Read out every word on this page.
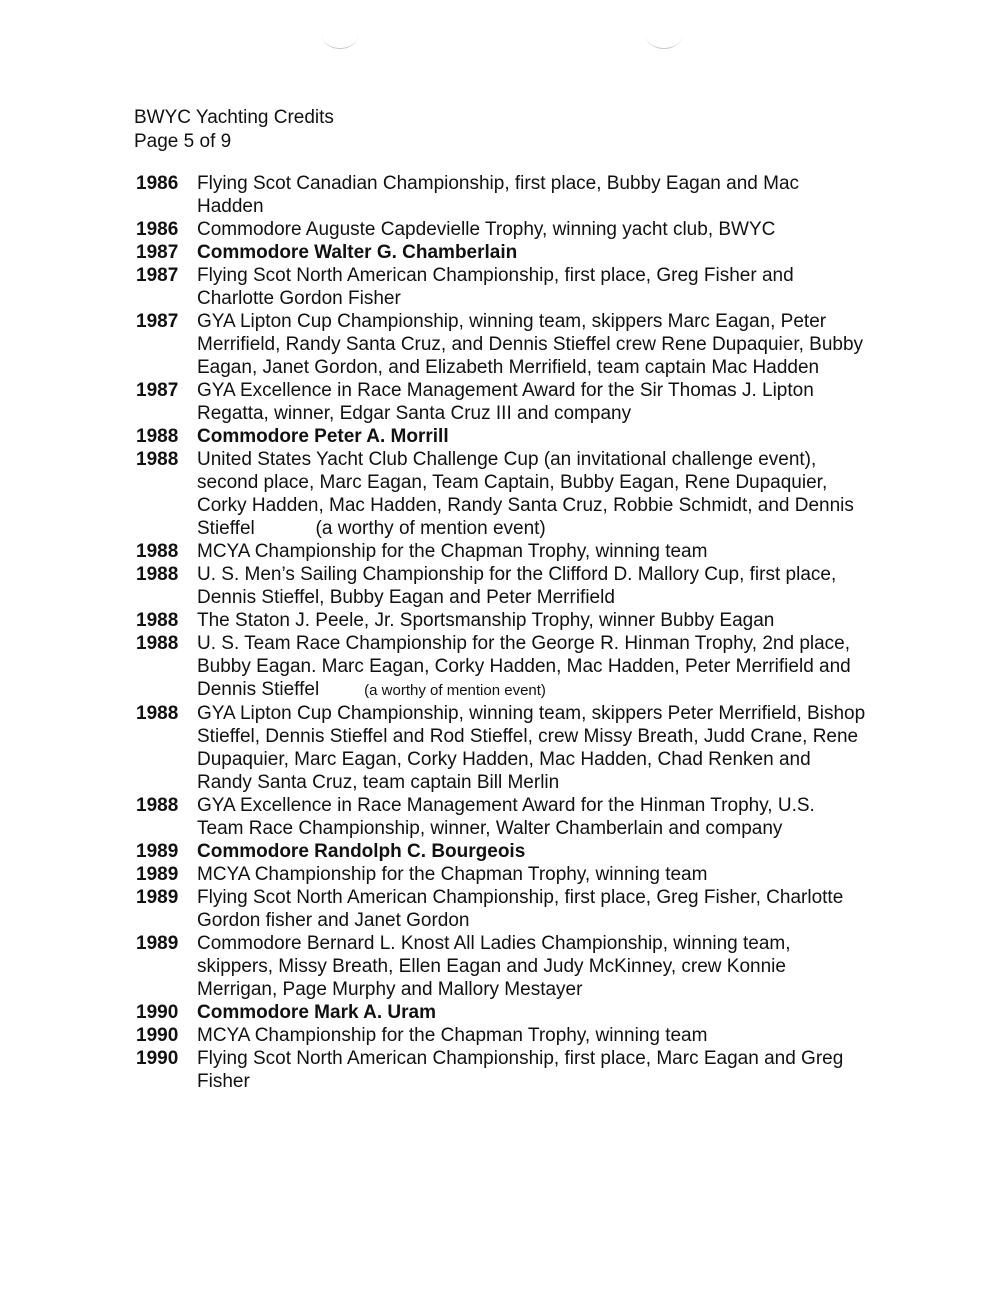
BWYC Yachting Credits
Page 5 of 9
1986 Flying Scot Canadian Championship, first place, Bubby Eagan and Mac Hadden
1986 Commodore Auguste Capdevielle Trophy, winning yacht club, BWYC
1987 Commodore Walter G. Chamberlain
1987 Flying Scot North American Championship, first place, Greg Fisher and Charlotte Gordon Fisher
1987 GYA Lipton Cup Championship, winning team, skippers Marc Eagan, Peter Merrifield, Randy Santa Cruz, and Dennis Stieffel crew Rene Dupaquier, Bubby Eagan, Janet Gordon, and Elizabeth Merrifield, team captain Mac Hadden
1987 GYA Excellence in Race Management Award for the Sir Thomas J. Lipton Regatta, winner, Edgar Santa Cruz III and company
1988 Commodore Peter A. Morrill
1988 United States Yacht Club Challenge Cup (an invitational challenge event), second place, Marc Eagan, Team Captain, Bubby Eagan, Rene Dupaquier, Corky Hadden, Mac Hadden, Randy Santa Cruz, Robbie Schmidt, and Dennis Stieffel	(a worthy of mention event)
1988 MCYA Championship for the Chapman Trophy, winning team
1988 U. S. Men’s Sailing Championship for the Clifford D. Mallory Cup, first place, Dennis Stieffel, Bubby Eagan and Peter Merrifield
1988 The Staton J. Peele, Jr. Sportsmanship Trophy, winner Bubby Eagan
1988 U. S. Team Race Championship for the George R. Hinman Trophy, 2nd place, Bubby Eagan. Marc Eagan, Corky Hadden, Mac Hadden, Peter Merrifield and Dennis Stieffel	(a worthy of mention event)
1988 GYA Lipton Cup Championship, winning team, skippers Peter Merrifield, Bishop Stieffel, Dennis Stieffel and Rod Stieffel, crew Missy Breath, Judd Crane, Rene Dupaquier, Marc Eagan, Corky Hadden, Mac Hadden, Chad Renken and Randy Santa Cruz, team captain Bill Merlin
1988 GYA Excellence in Race Management Award for the Hinman Trophy, U.S. Team Race Championship, winner, Walter Chamberlain and company
1989 Commodore Randolph C. Bourgeois
1989 MCYA Championship for the Chapman Trophy, winning team
1989 Flying Scot North American Championship, first place, Greg Fisher, Charlotte Gordon fisher and Janet Gordon
1989 Commodore Bernard L. Knost All Ladies Championship, winning team, skippers, Missy Breath, Ellen Eagan and Judy McKinney, crew Konnie Merrigan, Page Murphy and Mallory Mestayer
1990 Commodore Mark A. Uram
1990 MCYA Championship for the Chapman Trophy, winning team
1990 Flying Scot North American Championship, first place, Marc Eagan and Greg Fisher
